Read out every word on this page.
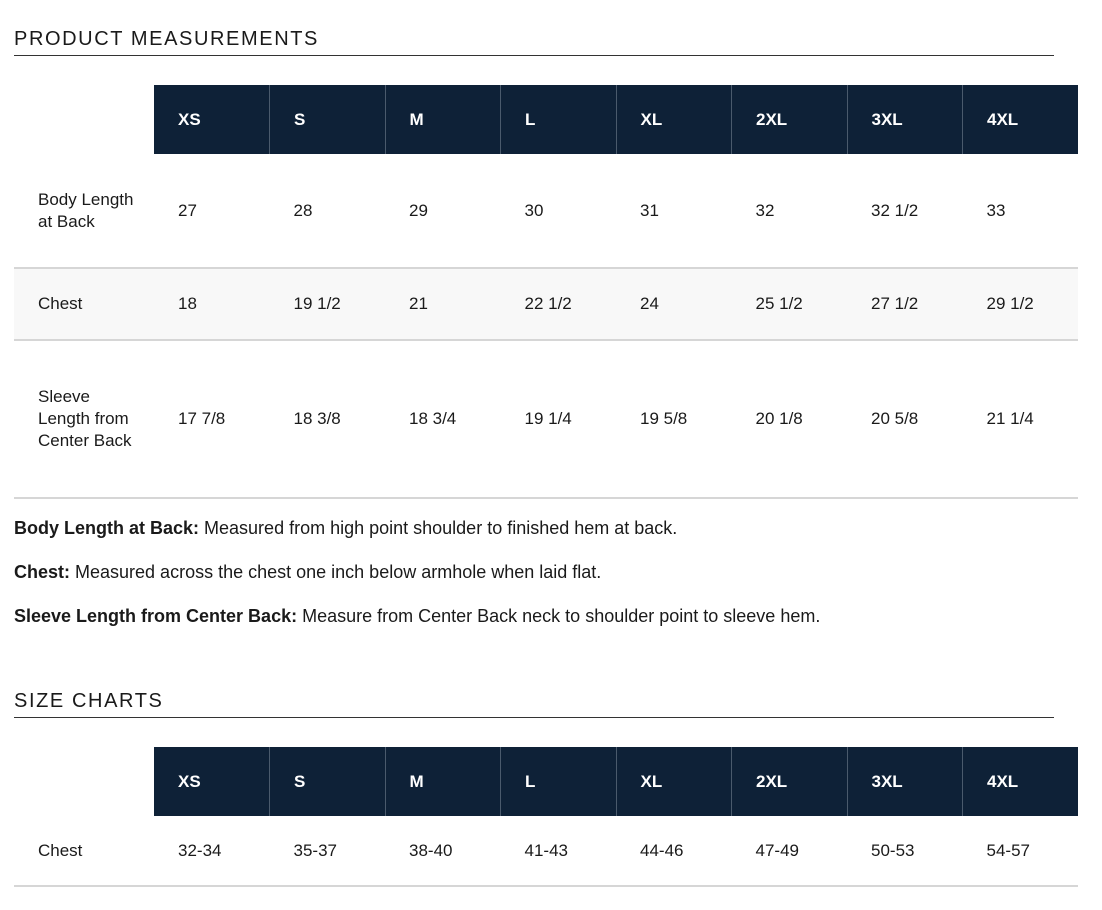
PRODUCT MEASUREMENTS
	XS	S	M	L	XL	2XL	3XL	4XL
Body Length at Back	27	28	29	30	31	32	32 1/2	33
Chest	18	19 1/2	21	22 1/2	24	25 1/2	27 1/2	29 1/2
Sleeve Length from Center Back	17 7/8	18 3/8	18 3/4	19 1/4	19 5/8	20 1/8	20 5/8	21 1/4

Body Length at Back: Measured from high point shoulder to finished hem at back.

Chest: Measured across the chest one inch below armhole when laid flat.

Sleeve Length from Center Back: Measure from Center Back neck to shoulder point to sleeve hem.

SIZE CHARTS
	XS	S	M	L	XL	2XL	3XL	4XL
Chest	32-34	35-37	38-40	41-43	44-46	47-49	50-53	54-57
